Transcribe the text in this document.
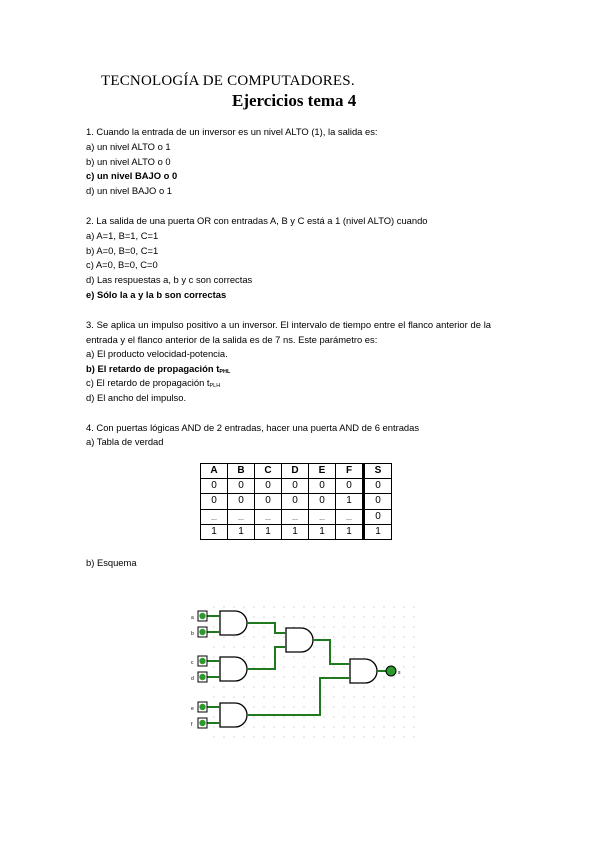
TECNOLOGÍA DE COMPUTADORES.
Ejercicios tema 4
1. Cuando la entrada de un inversor es un nivel ALTO (1), la salida es:
a) un nivel ALTO o 1
b) un nivel ALTO o 0
c) un nivel BAJO o 0
d) un nivel BAJO o 1
2. La salida de una puerta OR con entradas A, B y C está a 1 (nivel ALTO) cuando
a) A=1, B=1, C=1
b) A=0, B=0, C=1
c) A=0, B=0, C=0
d) Las respuestas a, b y c son correctas
e) Sólo la a y la b son correctas
3. Se aplica un impulso positivo a un inversor. El intervalo de tiempo entre el flanco anterior de la entrada y el flanco anterior de la salida es de 7 ns. Este parámetro es:
a) El producto velocidad-potencia.
b) El retardo de propagación $t_{PHL}$
c) El retardo de propagación $t_{PLH}$
d) El ancho del impulso.
4. Con puertas lógicas AND de 2 entradas, hacer una puerta AND de 6 entradas
a) Tabla de verdad
A	B	C	D	E	F	S
0	0	0	0	0	0	0
0	0	0	0	0	1	0
...	...	...	...	...	...	0
1	1	1	1	1	1	1
b) Esquema
a
b
c
d
e
f
s
